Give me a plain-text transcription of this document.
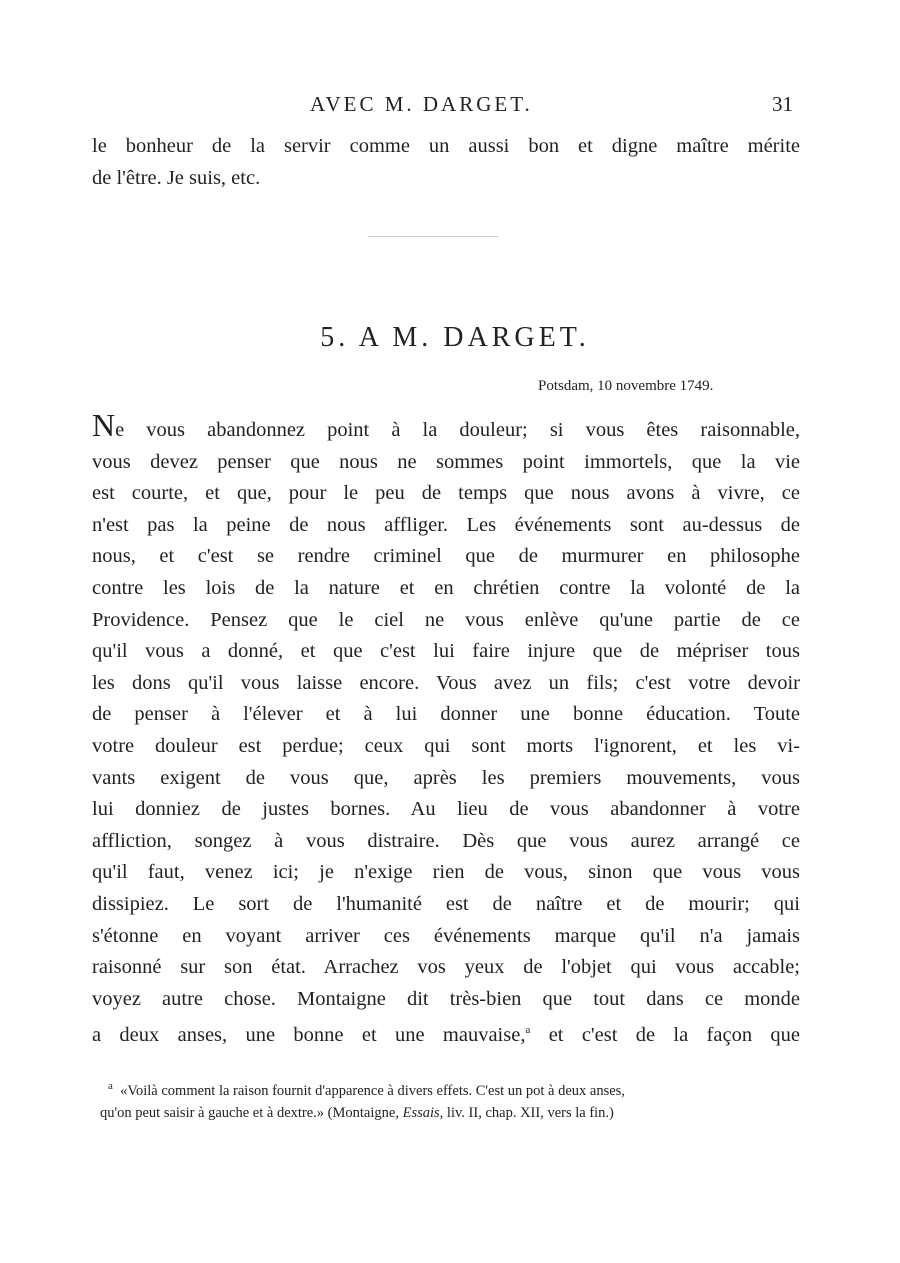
AVEC M. DARGET.	31
le bonheur de la servir comme un aussi bon et digne maître mérite
de l'être. Je suis, etc.
5. A M. DARGET.
Potsdam, 10 novembre 1749.
Ne vous abandonnez point à la douleur; si vous êtes raisonnable,
vous devez penser que nous ne sommes point immortels, que la vie
est courte, et que, pour le peu de temps que nous avons à vivre, ce
n'est pas la peine de nous affliger. Les événements sont au-dessus de
nous, et c'est se rendre criminel que de murmurer en philosophe
contre les lois de la nature et en chrétien contre la volonté de la
Providence. Pensez que le ciel ne vous enlève qu'une partie de ce
qu'il vous a donné, et que c'est lui faire injure que de mépriser tous
les dons qu'il vous laisse encore. Vous avez un fils; c'est votre devoir
de penser à l'élever et à lui donner une bonne éducation. Toute
votre douleur est perdue; ceux qui sont morts l'ignorent, et les vi-
vants exigent de vous que, après les premiers mouvements, vous
lui donniez de justes bornes. Au lieu de vous abandonner à votre
affliction, songez à vous distraire. Dès que vous aurez arrangé ce
qu'il faut, venez ici; je n'exige rien de vous, sinon que vous vous
dissipiez. Le sort de l'humanité est de naître et de mourir; qui
s'étonne en voyant arriver ces événements marque qu'il n'a jamais
raisonné sur son état. Arrachez vos yeux de l'objet qui vous accable;
voyez autre chose. Montaigne dit très-bien que tout dans ce monde
a deux anses, une bonne et une mauvaise,$^a$ et c'est de la façon que
$^a$ «Voilà comment la raison fournit d'apparence à divers effets. C'est un pot à deux anses,
qu'on peut saisir à gauche et à dextre.» (Montaigne, Essais, liv. II, chap. XII, vers la fin.)
